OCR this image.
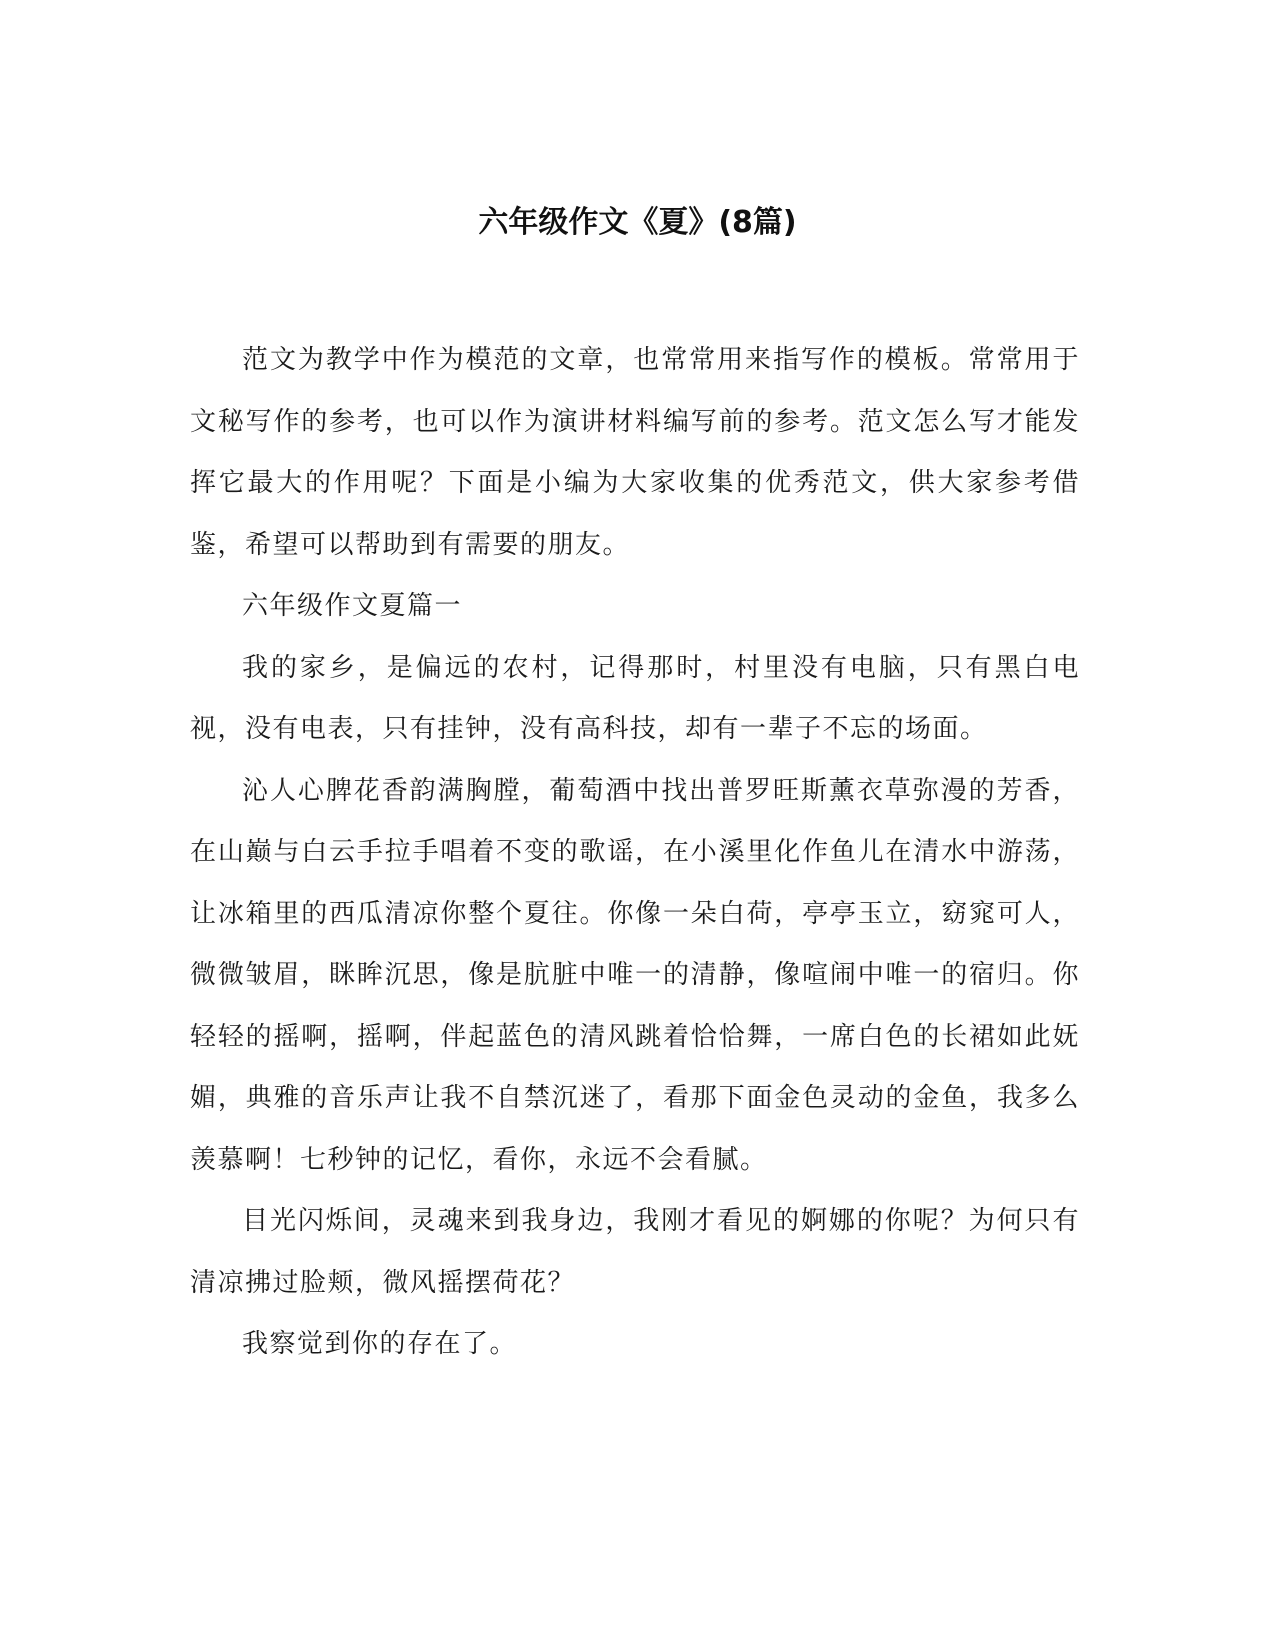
六年级作文《夏》(8篇)

范文为教学中作为模范的文章，也常常用来指写作的模板。常常用于文秘写作的参考，也可以作为演讲材料编写前的参考。范文怎么写才能发挥它最大的作用呢？下面是小编为大家收集的优秀范文，供大家参考借鉴，希望可以帮助到有需要的朋友。

六年级作文夏篇一

我的家乡，是偏远的农村，记得那时，村里没有电脑，只有黑白电视，没有电表，只有挂钟，没有高科技，却有一辈子不忘的场面。

沁人心脾花香韵满胸膛，葡萄酒中找出普罗旺斯薰衣草弥漫的芳香，在山巅与白云手拉手唱着不变的歌谣，在小溪里化作鱼儿在清水中游荡，让冰箱里的西瓜清凉你整个夏往。你像一朵白荷，亭亭玉立，窈窕可人，微微皱眉，眯眸沉思，像是肮脏中唯一的清静，像喧闹中唯一的宿归。你轻轻的摇啊，摇啊，伴起蓝色的清风跳着恰恰舞，一席白色的长裙如此妩媚，典雅的音乐声让我不自禁沉迷了，看那下面金色灵动的金鱼，我多么羡慕啊！七秒钟的记忆，看你，永远不会看腻。

目光闪烁间，灵魂来到我身边，我刚才看见的婀娜的你呢？为何只有清凉拂过脸颊，微风摇摆荷花？

我察觉到你的存在了。
